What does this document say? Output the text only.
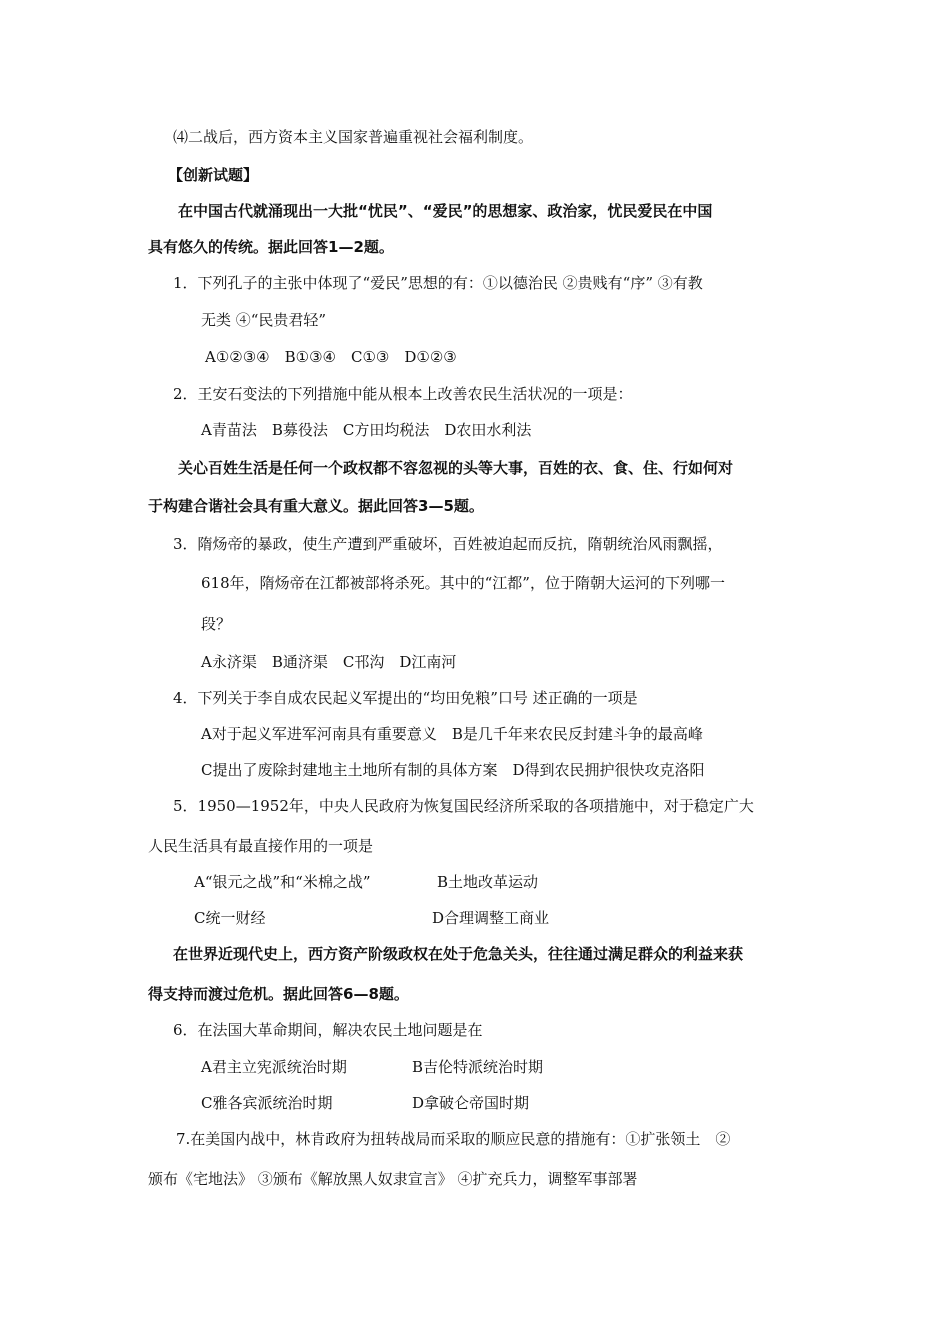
⑷二战后，西方资本主义国家普遍重视社会福利制度。
【创新试题】
在中国古代就涌现出一大批“忧民”、“爱民”的思想家、政治家，忧民爱民在中国
具有悠久的传统。据此回答1—2题。
1．下列孔子的主张中体现了“爱民”思想的有：①以德治民 ②贵贱有“序” ③有教
无类 ④“民贵君轻”
A①②③④　B①③④　C①③　D①②③
2．王安石变法的下列措施中能从根本上改善农民生活状况的一项是：
A青苗法　B募役法　C方田均税法　D农田水利法
关心百姓生活是任何一个政权都不容忽视的头等大事，百姓的衣、食、住、行如何对
于构建合谐社会具有重大意义。据此回答3—5题。
3．隋炀帝的暴政，使生产遭到严重破坏，百姓被迫起而反抗，隋朝统治风雨飘摇，
618年，隋炀帝在江都被部将杀死。其中的“江都”，位于隋朝大运河的下列哪一
段？
A永济渠　B通济渠　C邗沟　D江南河
4．下列关于李自成农民起义军提出的“均田免粮”口号 述正确的一项是
A对于起义军进军河南具有重要意义　B是几千年来农民反封建斗争的最高峰
C提出了废除封建地主土地所有制的具体方案　D得到农民拥护很快攻克洛阳
5．1950—1952年，中央人民政府为恢复国民经济所采取的各项措施中，对于稳定广大
人民生活具有最直接作用的一项是
A“银元之战”和“米棉之战”	B土地改革运动
C统一财经	D合理调整工商业
在世界近现代史上，西方资产阶级政权在处于危急关头，往往通过满足群众的利益来获
得支持而渡过危机。据此回答6—8题。
6．在法国大革命期间，解决农民土地问题是在
A君主立宪派统治时期	B吉伦特派统治时期
C雅各宾派统治时期	D拿破仑帝国时期
7.在美国内战中，林肯政府为扭转战局而采取的顺应民意的措施有：①扩张领土　②
颁布《宅地法》 ③颁布《解放黑人奴隶宣言》 ④扩充兵力，调整军事部署
